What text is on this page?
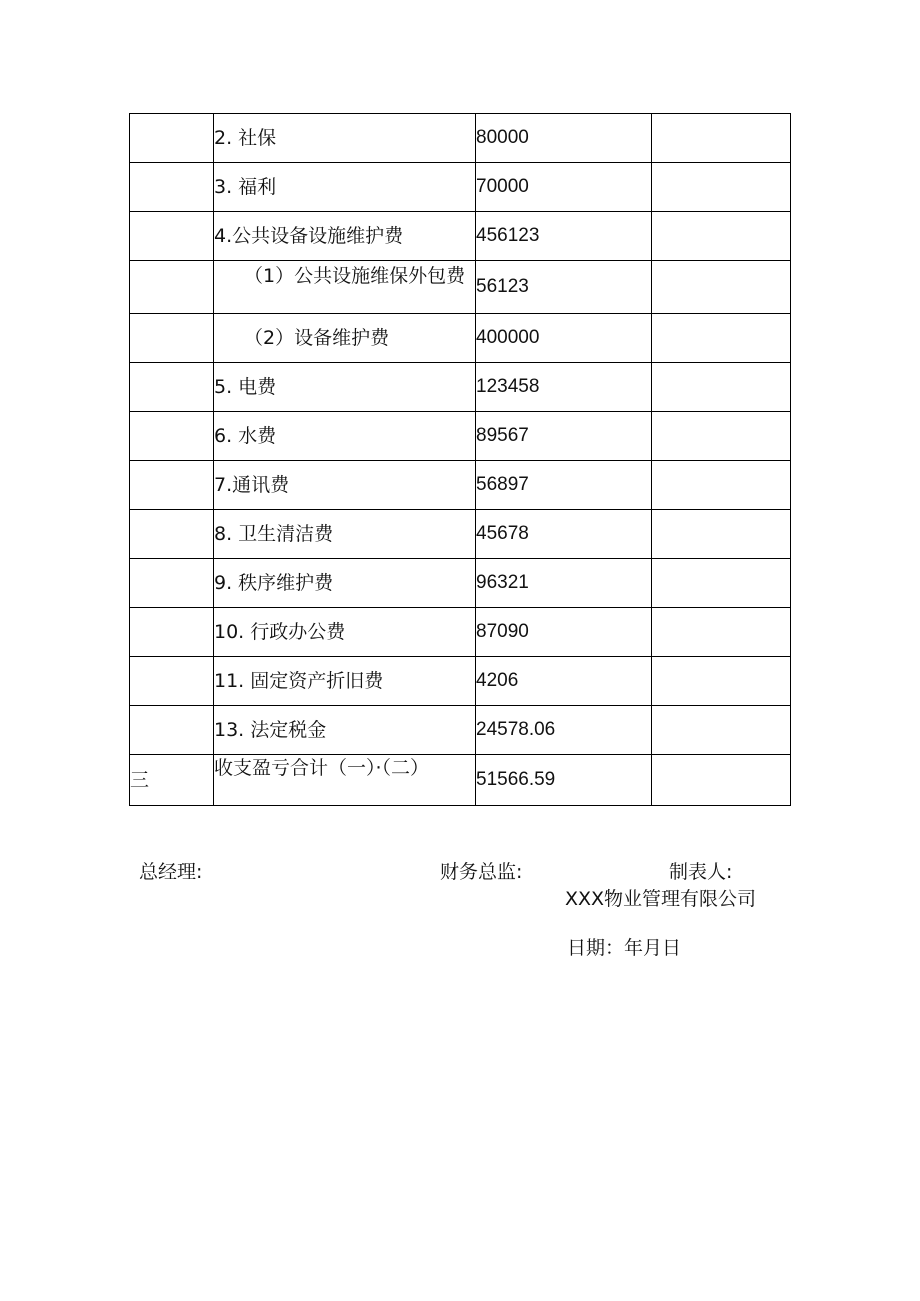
	2. 社保	80000	
	3. 福利	70000	
	4.公共设备设施维护费	456123	
	（1）公共设施维保外包费	56123	
	（2）设备维护费	400000	
	5. 电费	123458	
	6. 水费	89567	
	7.通讯费	56897	
	8. 卫生清洁费	45678	
	9. 秩序维护费	96321	
	10. 行政办公费	87090	
	11. 固定资产折旧费	4206	
	13. 法定税金	24578.06	
三	收支盈亏合计（一）·（二）	51566.59	
总经理:	财务总监:	制表人:
XXX物业管理有限公司
日期：年月日
